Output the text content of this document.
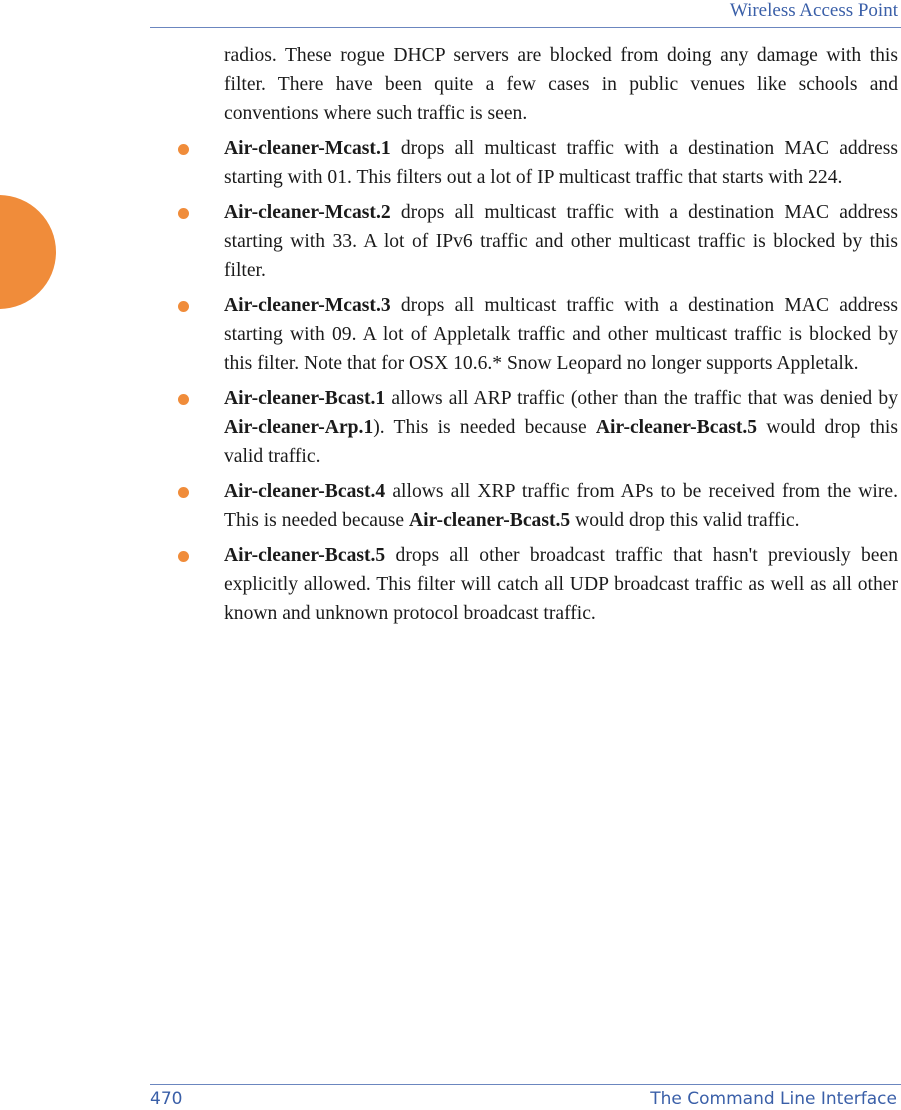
Wireless Access Point

radios. These rogue DHCP servers are blocked from doing any damage with this filter. There have been quite a few cases in public venues like schools and conventions where such traffic is seen.

Air-cleaner-Mcast.1 drops all multicast traffic with a destination MAC address starting with 01. This filters out a lot of IP multicast traffic that starts with 224.
Air-cleaner-Mcast.2 drops all multicast traffic with a destination MAC address starting with 33. A lot of IPv6 traffic and other multicast traffic is blocked by this filter.
Air-cleaner-Mcast.3 drops all multicast traffic with a destination MAC address starting with 09. A lot of Appletalk traffic and other multicast traffic is blocked by this filter. Note that for OSX 10.6.* Snow Leopard no longer supports Appletalk.
Air-cleaner-Bcast.1 allows all ARP traffic (other than the traffic that was denied by Air-cleaner-Arp.1). This is needed because Air-cleaner-Bcast.5 would drop this valid traffic.
Air-cleaner-Bcast.4 allows all XRP traffic from APs to be received from the wire. This is needed because Air-cleaner-Bcast.5 would drop this valid traffic.
Air-cleaner-Bcast.5 drops all other broadcast traffic that hasn't previously been explicitly allowed. This filter will catch all UDP broadcast traffic as well as all other known and unknown protocol broadcast traffic.
470	The Command Line Interface
